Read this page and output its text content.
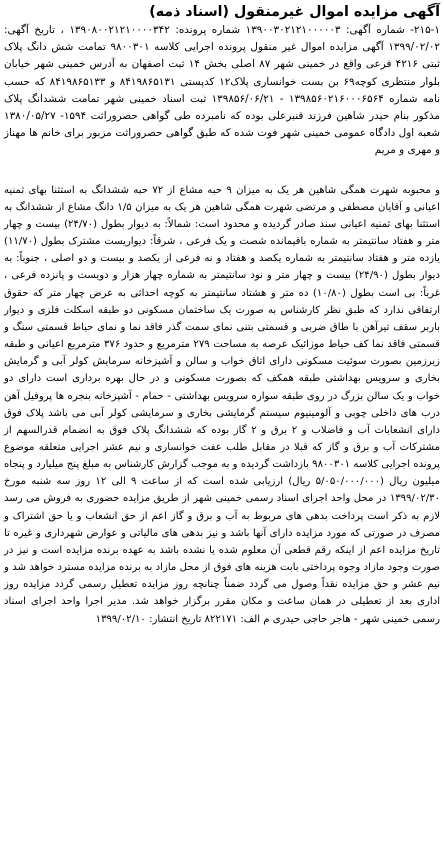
آگهی مزایده اموال غیرمنقول (اسناد ذمه)

۲۱۵-۱- شماره آگهی: ۱۳۹۰۰۳۰۲۱۲۱۰۰۰۰۰۳ شماره پرونده: ۱۳۹۰۸۰۰۲۱۲۱۰۰۰۰۳۴۲ ، تاریخ آگهی: ۱۳۹۹/۰۲/۰۲ آگهی مزایده اموال غیر منقول پرونده اجرایی کلاسه ۹۸۰۰۳۰۱ تمامت شش دانگ پلاک ثبتی ۴۲۱۶ فرعی واقع در خمینی شهر ۸۷ اصلی بخش ۱۴ ثبت اصفهان به آدرس خمینی شهر خیابان بلوار منتظری کوچه۶۹ بن بست خوانساری پلاک۱۲ کدپستی ۸۴۱۹۸۶۵۱۳۱ و ۸۴۱۹۸۶۵۱۳۳ که حسب نامه شماره ۱۳۹۸۵۶۰۲۱۶۰۰۰۶۵۶۴ - ۱۳۹۸۵۶/۰۶/۲۱ ثبت اسناد خمینی شهر تمامت ششدانگ پلاک مذکور بنام حیدر شاهین فرزند قنبرعلی بوده که نامبرده طی گواهی حصروراثت ۱۵۹۴- ۱۳۸۰/۰۵/۲۷ شعبه اول دادگاه عمومی خمینی شهر فوت شده که طبق گواهی حصروراثت مزبور برای خانم ها مهناز و مهری و مریم

و محبوبه شهرت همگی شاهین هر یک به میزان ۹ حبه مشاع از ۷۲ حبه ششدانگ به استثنا بهای ثمنیه اعیانی و آقایان مصطفی و مرتضی شهرت همگی شاهین هر یک به میزان ۱/۵ دانگ مشاع از ششدانگ به استثنا بهای ثمنیه اعیانی سند صادر گردیده و محدود است: شمالاً: به دیوار بطول (۲۴/۷۰) بیست و چهار متر و هفتاد سانتیمتر به شماره باقیمانده شصت و یک فرعی ، شرقاً: دیواریست مشترک بطول (۱۱/۷۰) یازده متر و هفتاد سانتیمتر به شماره یکصد و هفتاد و نه فرعی از یکصد و بیست و دو اصلی ، جنوباً: به دیوار بطول (۲۴/۹۰) بیست و چهار متر و نود سانتیمتر به شماره چهار هزار و دویست و پانزده فرعی ، غرباً: بی است بطول (۱۰/۸۰) ده متر و هشتاد سانتیمتر به کوچه احداثی به عرض چهار متر که حقوق ارتفاقی ندارد که طبق نظر کارشناس به صورت یک ساختمان مسکونی دو طبقه اسکلت فلزی و دیوار باربر سقف تیرآهن با طاق ضربی و قسمتی بتنی نمای سمت گذر فاقد نما و نمای حیاط قسمتی سنگ و قسمتی فاقد نما کف حیاط موزائیک عرصه به مساحت ۲۷۹ مترمربع و حدود ۳۷۶ مترمربع اعیانی و طبقه زیرزمین بصورت سوئیت مسکونی دارای اتاق خواب و سالن و آشپزخانه سرمایش کولر آبی و گرمایش بخاری و سرویس بهداشتی طبقه همکف که بصورت مسکونی و در حال بهره برداری است دارای دو خواب و یک سالن بزرگ در روی طبقه سواره سرویس بهداشتی - حمام - آشپزخانه بنجره ها پروفیل آهن درب های داخلی چوبی و آلومینیوم سیستم گرمایشی بخاری و سرمایشی کولر آبی می باشد پلاک فوق دارای انشعابات آب و فاضلاب و ۲ برق و ۲ گاز بوده که ششدانگ پلاک فوق به انضمام قدرالسهم از مشترکات آب و برق و گاز که قبلا در مقابل طلب عفت خوانساری و نیم عشر اجرایی متعلقه موضوع پرونده اجرایی کلاسه ۹۸۰۰۳۰۱ بازداشت گردیده و به موجب گزارش کارشناس به مبلغ پنج میلیارد و پنجاه میلیون ریال (۵/۰۵۰/۰۰۰/۰۰۰ ریال) ارزیابی شده است که از ساعت ۹ الی ۱۲ روز سه شنبه مورخ ۱۳۹۹/۰۲/۳۰ در محل واحد اجرای اسناد رسمی خمینی شهر از طریق مزایده حضوری به فروش می رسد لازم به ذکر است پرداخت بدهی های مربوط به آب و برق و گاز اعم از حق انشعاب و یا حق اشتراک و مصرف در صورتی که مورد مزایده دارای آنها باشد و نیز بدهی های مالیاتی و عوارض شهرداری و غیره تا تاریخ مزایده اعم از اینکه رقم قطعی آن معلوم شده یا نشده باشد به عهده برنده مزایده است و نیز در صورت وجود مازاد وجوه پرداختی بابت هزینه های فوق از محل مازاد به برنده مزایده مسترد خواهد شد و نیم عشر و حق مزایده نقداً وصول می گردد ضمناً چنانچه روز مزایده تعطیل رسمی گردد مزایده روز اداری بعد از تعطیلی در همان ساعت و مکان مقرر برگزار خواهد شد. مدیر اجرا واحد اجرای اسناد رسمی خمینی شهر - هاجر حاجی حیدری م الف: ۸۲۲۱۷۱ تاریخ انتشار: ۱۳۹۹/۰۲/۱۰
